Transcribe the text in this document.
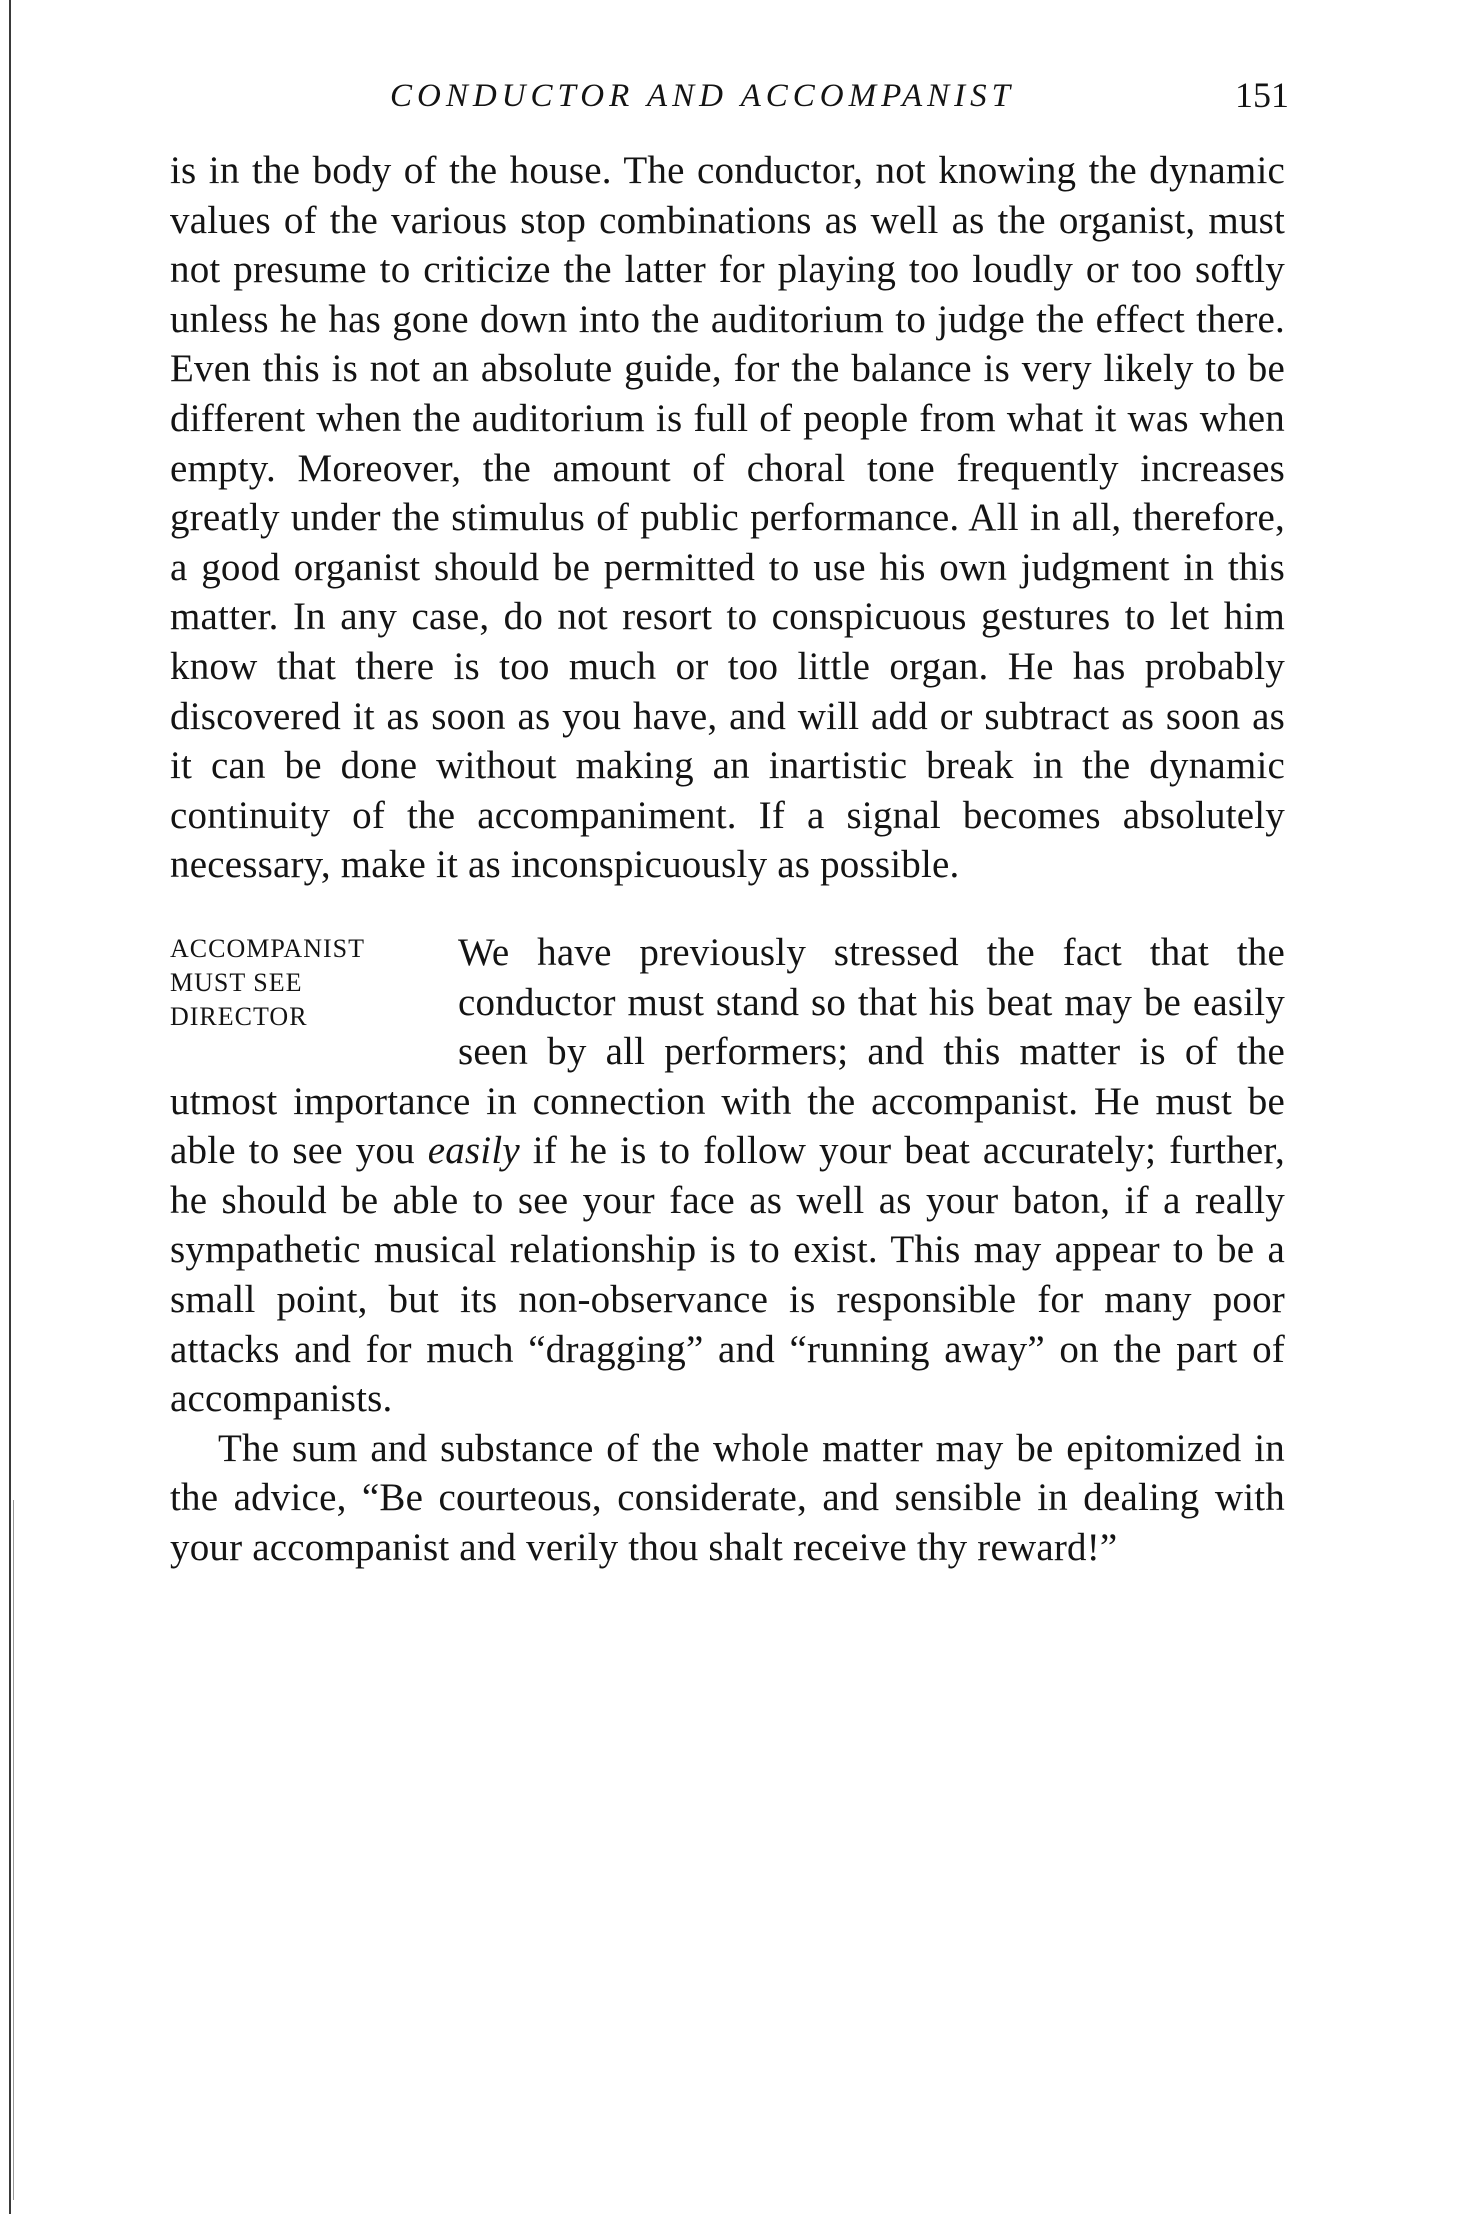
CONDUCTOR AND ACCOMPANIST	151

is in the body of the house. The conductor, not knowing the dynamic values of the various stop combinations as well as the organist, must not presume to criticize the latter for playing too loudly or too softly unless he has gone down into the auditorium to judge the effect there. Even this is not an absolute guide, for the balance is very likely to be different when the auditorium is full of people from what it was when empty. Moreover, the amount of choral tone frequently increases greatly under the stimulus of public performance. All in all, therefore, a good organist should be permitted to use his own judgment in this matter. In any case, do not resort to conspicuous gestures to let him know that there is too much or too little organ. He has probably discovered it as soon as you have, and will add or subtract as soon as it can be done without making an inartistic break in the dynamic continuity of the accompaniment. If a signal becomes absolutely necessary, make it as inconspicuously as possible.

ACCOMPANIST
MUST SEE
DIRECTOR

We have previously stressed the fact that the conductor must stand so that his beat may be easily seen by all performers; and this matter is of the utmost importance in connection with the accompanist. He must be able to see you easily if he is to follow your beat accurately; further, he should be able to see your face as well as your baton, if a really sympathetic musical relationship is to exist. This may appear to be a small point, but its non-observance is responsible for many poor attacks and for much “dragging” and “running away” on the part of accompanists.

The sum and substance of the whole matter may be epitomized in the advice, “Be courteous, considerate, and sensible in dealing with your accompanist and verily thou shalt receive thy reward!”
